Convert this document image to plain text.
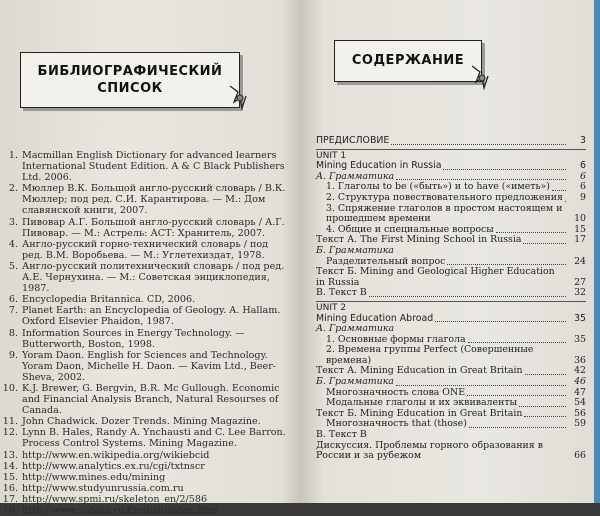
БИБЛИОГРАФИЧЕСКИЙ
СПИСОК
1. Macmillan English Dictionary for advanced learners International Student Edition. A & C Black Publishers Ltd. 2006.
2. Мюллер В.К. Большой англо-русский словарь / В.К. Мюллер; под ред. С.И. Карантирова. — М.: Дом славянской книги, 2007.
3. Пивовар А.Г. Большой англо-русский словарь / А.Г. Пивовар. — М.: Астрель: АСТ: Хранитель, 2007.
4. Англо-русский горно-технический словарь / под ред. В.М. Воробьева. — М.: Углетехиздат, 1978.
5. Англо-русский политехнический словарь / под ред. А.Е. Чернухина. — М.: Советская энциклопедия, 1987.
6. Encyclopedia Britannica. CD, 2006.
7. Planet Earth: an Encyclopedia of Geology. A. Hallam. Oxford Elsevier Phaidon, 1987.
8. Information Sources in Energy Technology. — Butterworth, Boston, 1998.
9. Yoram Daon. English for Sciences and Technology. Yoram Daon, Michelle H. Daon. — Kavim Ltd., Beer-Sheva, 2002.
10. K.J. Brewer, G. Bergvin, B.R. Mc Gullough. Economic and Financial Analysis Branch, Natural Resourses of Canada.
11. John Chadwick. Dozer Trends. Mining Magazine.
12. Lynn B. Hales, Randy A. Ynchausti and C. Lee Barron. Process Control Systems. Mining Magazine.
13. http://www.en.wikipedia.org/wikiebcid
14. http://www.analytics.ex.ru/cgi/txtnscr
15. http://www.mines.edu/mining
16. http://www.studyunrussia.com.ru
17. http://www.spmi.ru/skeleton_en/2/586
18. http://www.spbstu.ru.English/index.html
СОДЕРЖАНИЕ
ПРЕДИСЛОВИЕ	3
UNIT 1
Mining Education in Russia	6
А. Грамматика	6
1. Глаголы to be («быть») и to have («иметь»)	6
2. Структура повествовательного предложения	9
3. Спряжение глаголов в простом настоящем и прошедшем времени	10
4. Общие и специальные вопросы	15
Текст А. The First Mining School in Russia	17
Б. Грамматика
Разделительный вопрос	24
Текст Б. Mining and Geological Higher Education in Russia	27
В. Текст В	32
UNIT 2
Mining Education Abroad	35
А. Грамматика
1. Основные формы глагола	35
2. Времена группы Perfect (Совершенные времена)	36
Текст А. Mining Education in Great Britain	42
Б. Грамматика	46
Многозначность слова ONE	47
Модальные глаголы и их эквиваленты	54
Текст Б. Mining Education in Great Britain	56
Многозначность that (those)	59
В. Текст В
Дискуссия. Проблемы горного образования в России и за рубежом	66
